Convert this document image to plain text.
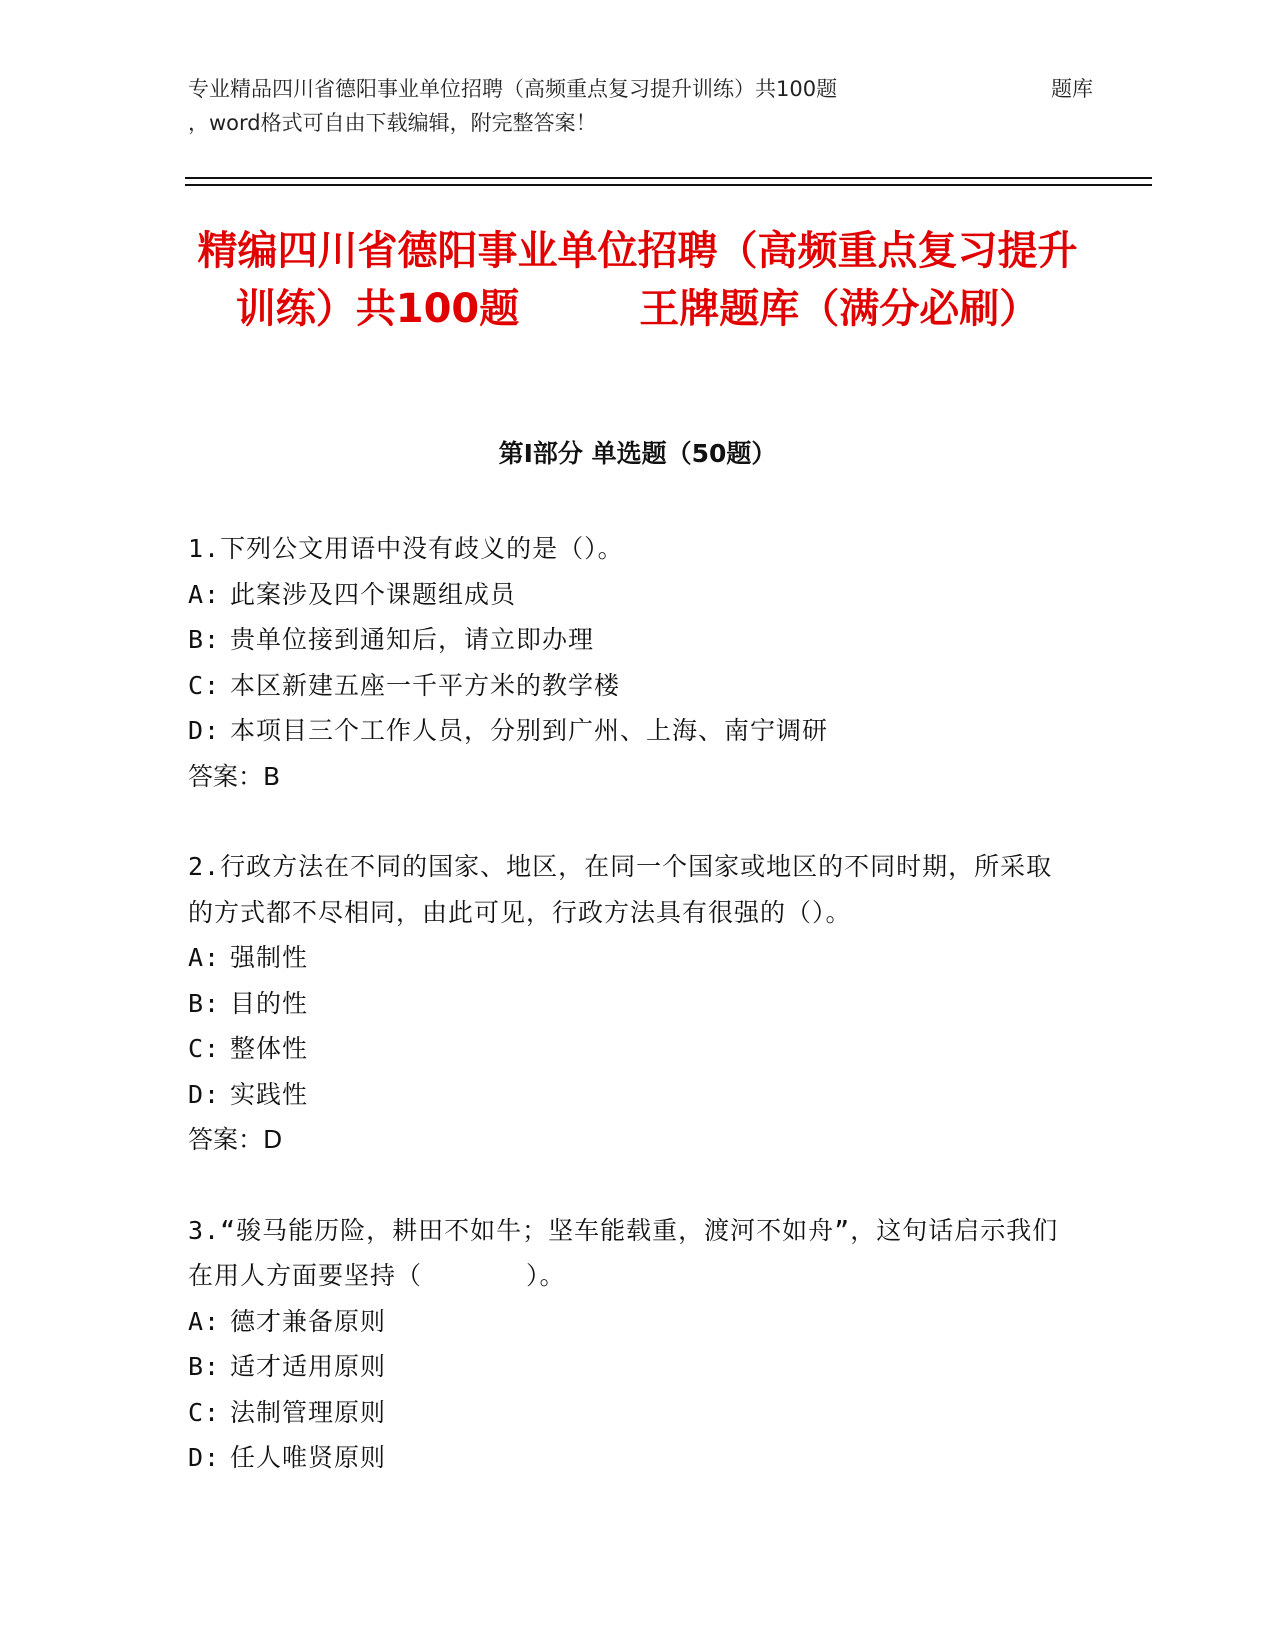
专业精品四川省德阳事业单位招聘（高频重点复习提升训练）共100题	题库
，word格式可自由下载编辑，附完整答案！
精编四川省德阳事业单位招聘（高频重点复习提升训练）共100题　　　王牌题库（满分必刷）
第Ⅰ部分 单选题（50题）
1.下列公文用语中没有歧义的是（）。
A: 此案涉及四个课题组成员
B: 贵单位接到通知后，请立即办理
C: 本区新建五座一千平方米的教学楼
D: 本项目三个工作人员，分别到广州、上海、南宁调研
答案：B
2.行政方法在不同的国家、地区，在同一个国家或地区的不同时期，所采取的方式都不尽相同，由此可见，行政方法具有很强的（）。
A: 强制性
B: 目的性
C: 整体性
D: 实践性
答案：D
3.“骏马能历险，耕田不如牛；坚车能载重，渡河不如舟”，这句话启示我们在用人方面要坚持（　　　　）。
A: 德才兼备原则
B: 适才适用原则
C: 法制管理原则
D: 任人唯贤原则
